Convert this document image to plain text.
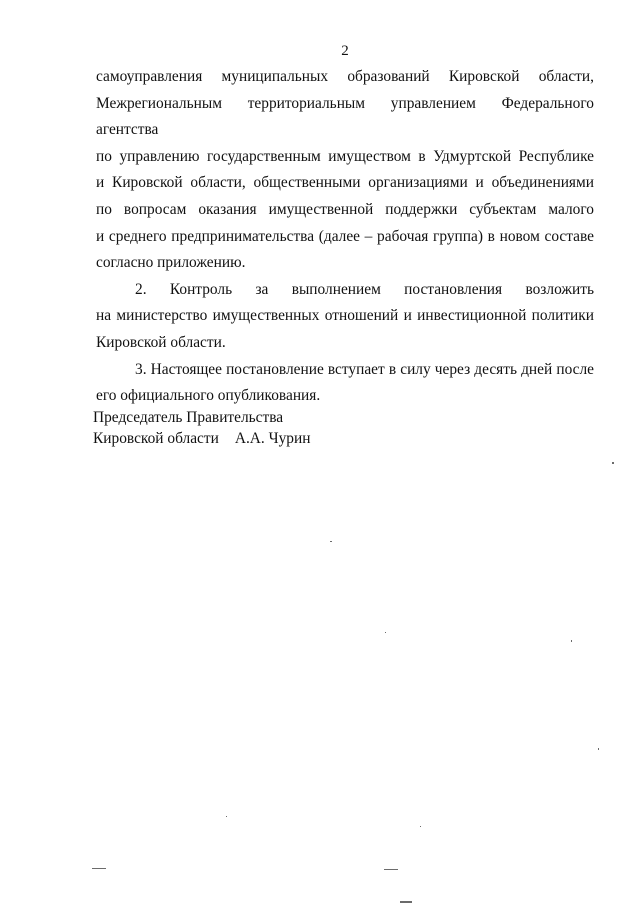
2
самоуправления муниципальных образований Кировской области,
Межрегиональным территориальным управлением Федерального агентства
по управлению государственным имуществом в Удмуртской Республике
и Кировской области, общественными организациями и объединениями
по вопросам оказания имущественной поддержки субъектам малого
и среднего предпринимательства (далее – рабочая группа) в новом составе
согласно приложению.
2. Контроль за выполнением постановления возложить
на министерство имущественных отношений и инвестиционной политики
Кировской области.
3. Настоящее постановление вступает в силу через десять дней после
его официального опубликования.
Председатель Правительства
Кировской области А.А. Чурин
